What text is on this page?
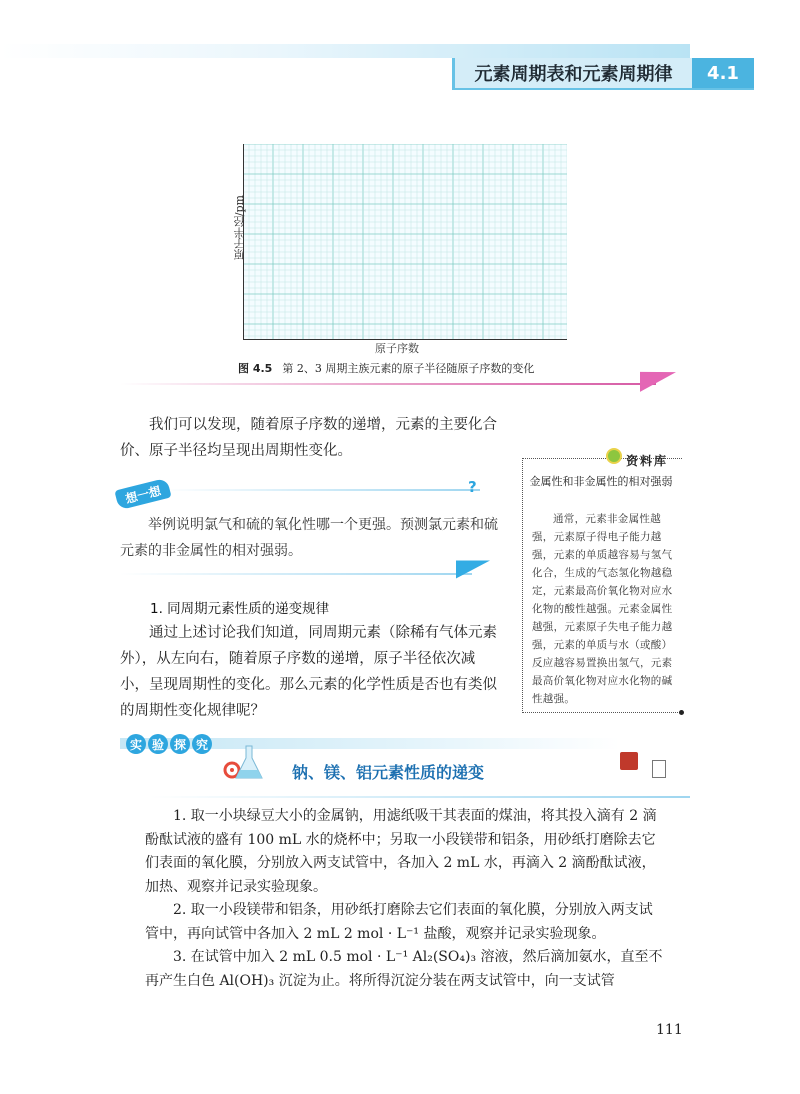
元素周期表和元素周期律	4.1
原子半径/pm
原子序数
图 4.5 第 2、3 周期主族元素的原子半径随原子序数的变化
我们可以发现，随着原子序数的递增，元素的主要化合价、原子半径均呈现出周期性变化。
想一想	?
举例说明氯气和硫的氧化性哪一个更强。预测氯元素和硫元素的非金属性的相对强弱。
1. 同周期元素性质的递变规律
通过上述讨论我们知道，同周期元素（除稀有气体元素外），从左向右，随着原子序数的递增，原子半径依次减小，呈现周期性的变化。那么元素的化学性质是否也有类似的周期性变化规律呢？
资料库
金属性和非金属性的相对强弱
通常，元素非金属性越强，元素原子得电子能力越强，元素的单质越容易与氢气化合，生成的气态氢化物越稳定，元素最高价氧化物对应水化物的酸性越强。元素金属性越强，元素原子失电子能力越强，元素的单质与水（或酸）反应越容易置换出氢气，元素最高价氧化物对应水化物的碱性越强。
实 验 探 究
钠、镁、铝元素性质的递变

1. 取一小块绿豆大小的金属钠，用滤纸吸干其表面的煤油，将其投入滴有 2 滴酚酞试液的盛有 100 mL 水的烧杯中；另取一小段镁带和铝条，用砂纸打磨除去它们表面的氧化膜，分别放入两支试管中，各加入 2 mL 水，再滴入 2 滴酚酞试液，加热、观察并记录实验现象。

2. 取一小段镁带和铝条，用砂纸打磨除去它们表面的氧化膜，分别放入两支试管中，再向试管中各加入 2 mL 2 mol · L⁻¹ 盐酸，观察并记录实验现象。

3. 在试管中加入 2 mL 0.5 mol · L⁻¹ Al₂(SO₄)₃ 溶液，然后滴加氨水，直至不再产生白色 Al(OH)₃ 沉淀为止。将所得沉淀分装在两支试管中，向一支试管

111
